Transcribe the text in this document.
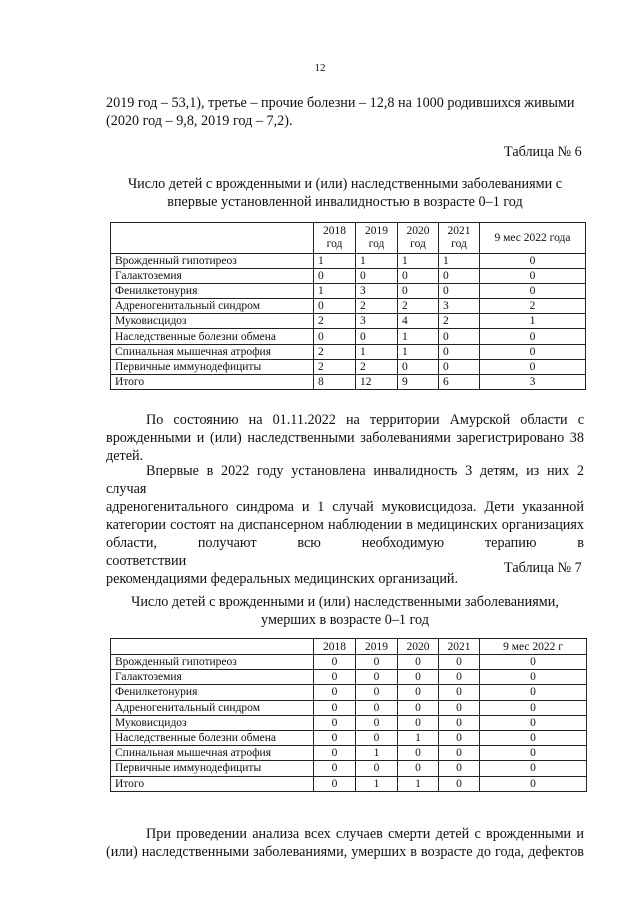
12
2019 год – 53,1), третье – прочие болезни – 12,8 на 1000 родившихся живыми
(2020 год – 9,8, 2019 год – 7,2).
Таблица № 6
Число детей с врожденными и (или) наследственными заболеваниями с
впервые установленной инвалидностью в возрасте 0–1 год
	2018 год	2019 год	2020 год	2021 год	9 мес 2022 года
Врожденный гипотиреоз	1	1	1	1	0
Галактоземия	0	0	0	0	0
Фенилкетонурия	1	3	0	0	0
Адреногенитальный синдром	0	2	2	3	2
Муковисцидоз	2	3	4	2	1
Наследственные болезни обмена	0	0	1	0	0
Спинальная мышечная атрофия	2	1	1	0	0
Первичные иммунодефициты	2	2	0	0	0
Итого	8	12	9	6	3
По состоянию на 01.11.2022 на территории Амурской области с
врожденными и (или) наследственными заболеваниями зарегистрировано 38
детей.
Впервые в 2022 году установлена инвалидность 3 детям, из них 2 случая
адреногенитального синдрома и 1 случай муковисцидоза. Дети указанной
категории состоят на диспансерном наблюдении в медицинских организациях
области, получают всю необходимую терапию в соответствии
рекомендациями федеральных медицинских организаций.
Таблица № 7
Число детей с врожденными и (или) наследственными заболеваниями,
умерших в возрасте 0–1 год
	2018	2019	2020	2021	9 мес 2022 г
Врожденный гипотиреоз	0	0	0	0	0
Галактоземия	0	0	0	0	0
Фенилкетонурия	0	0	0	0	0
Адреногенитальный синдром	0	0	0	0	0
Муковисцидоз	0	0	0	0	0
Наследственные болезни обмена	0	0	1	0	0
Спинальная мышечная атрофия	0	1	0	0	0
Первичные иммунодефициты	0	0	0	0	0
Итого	0	1	1	0	0
При проведении анализа всех случаев смерти детей с врожденными и
(или) наследственными заболеваниями, умерших в возрасте до года, дефектов
